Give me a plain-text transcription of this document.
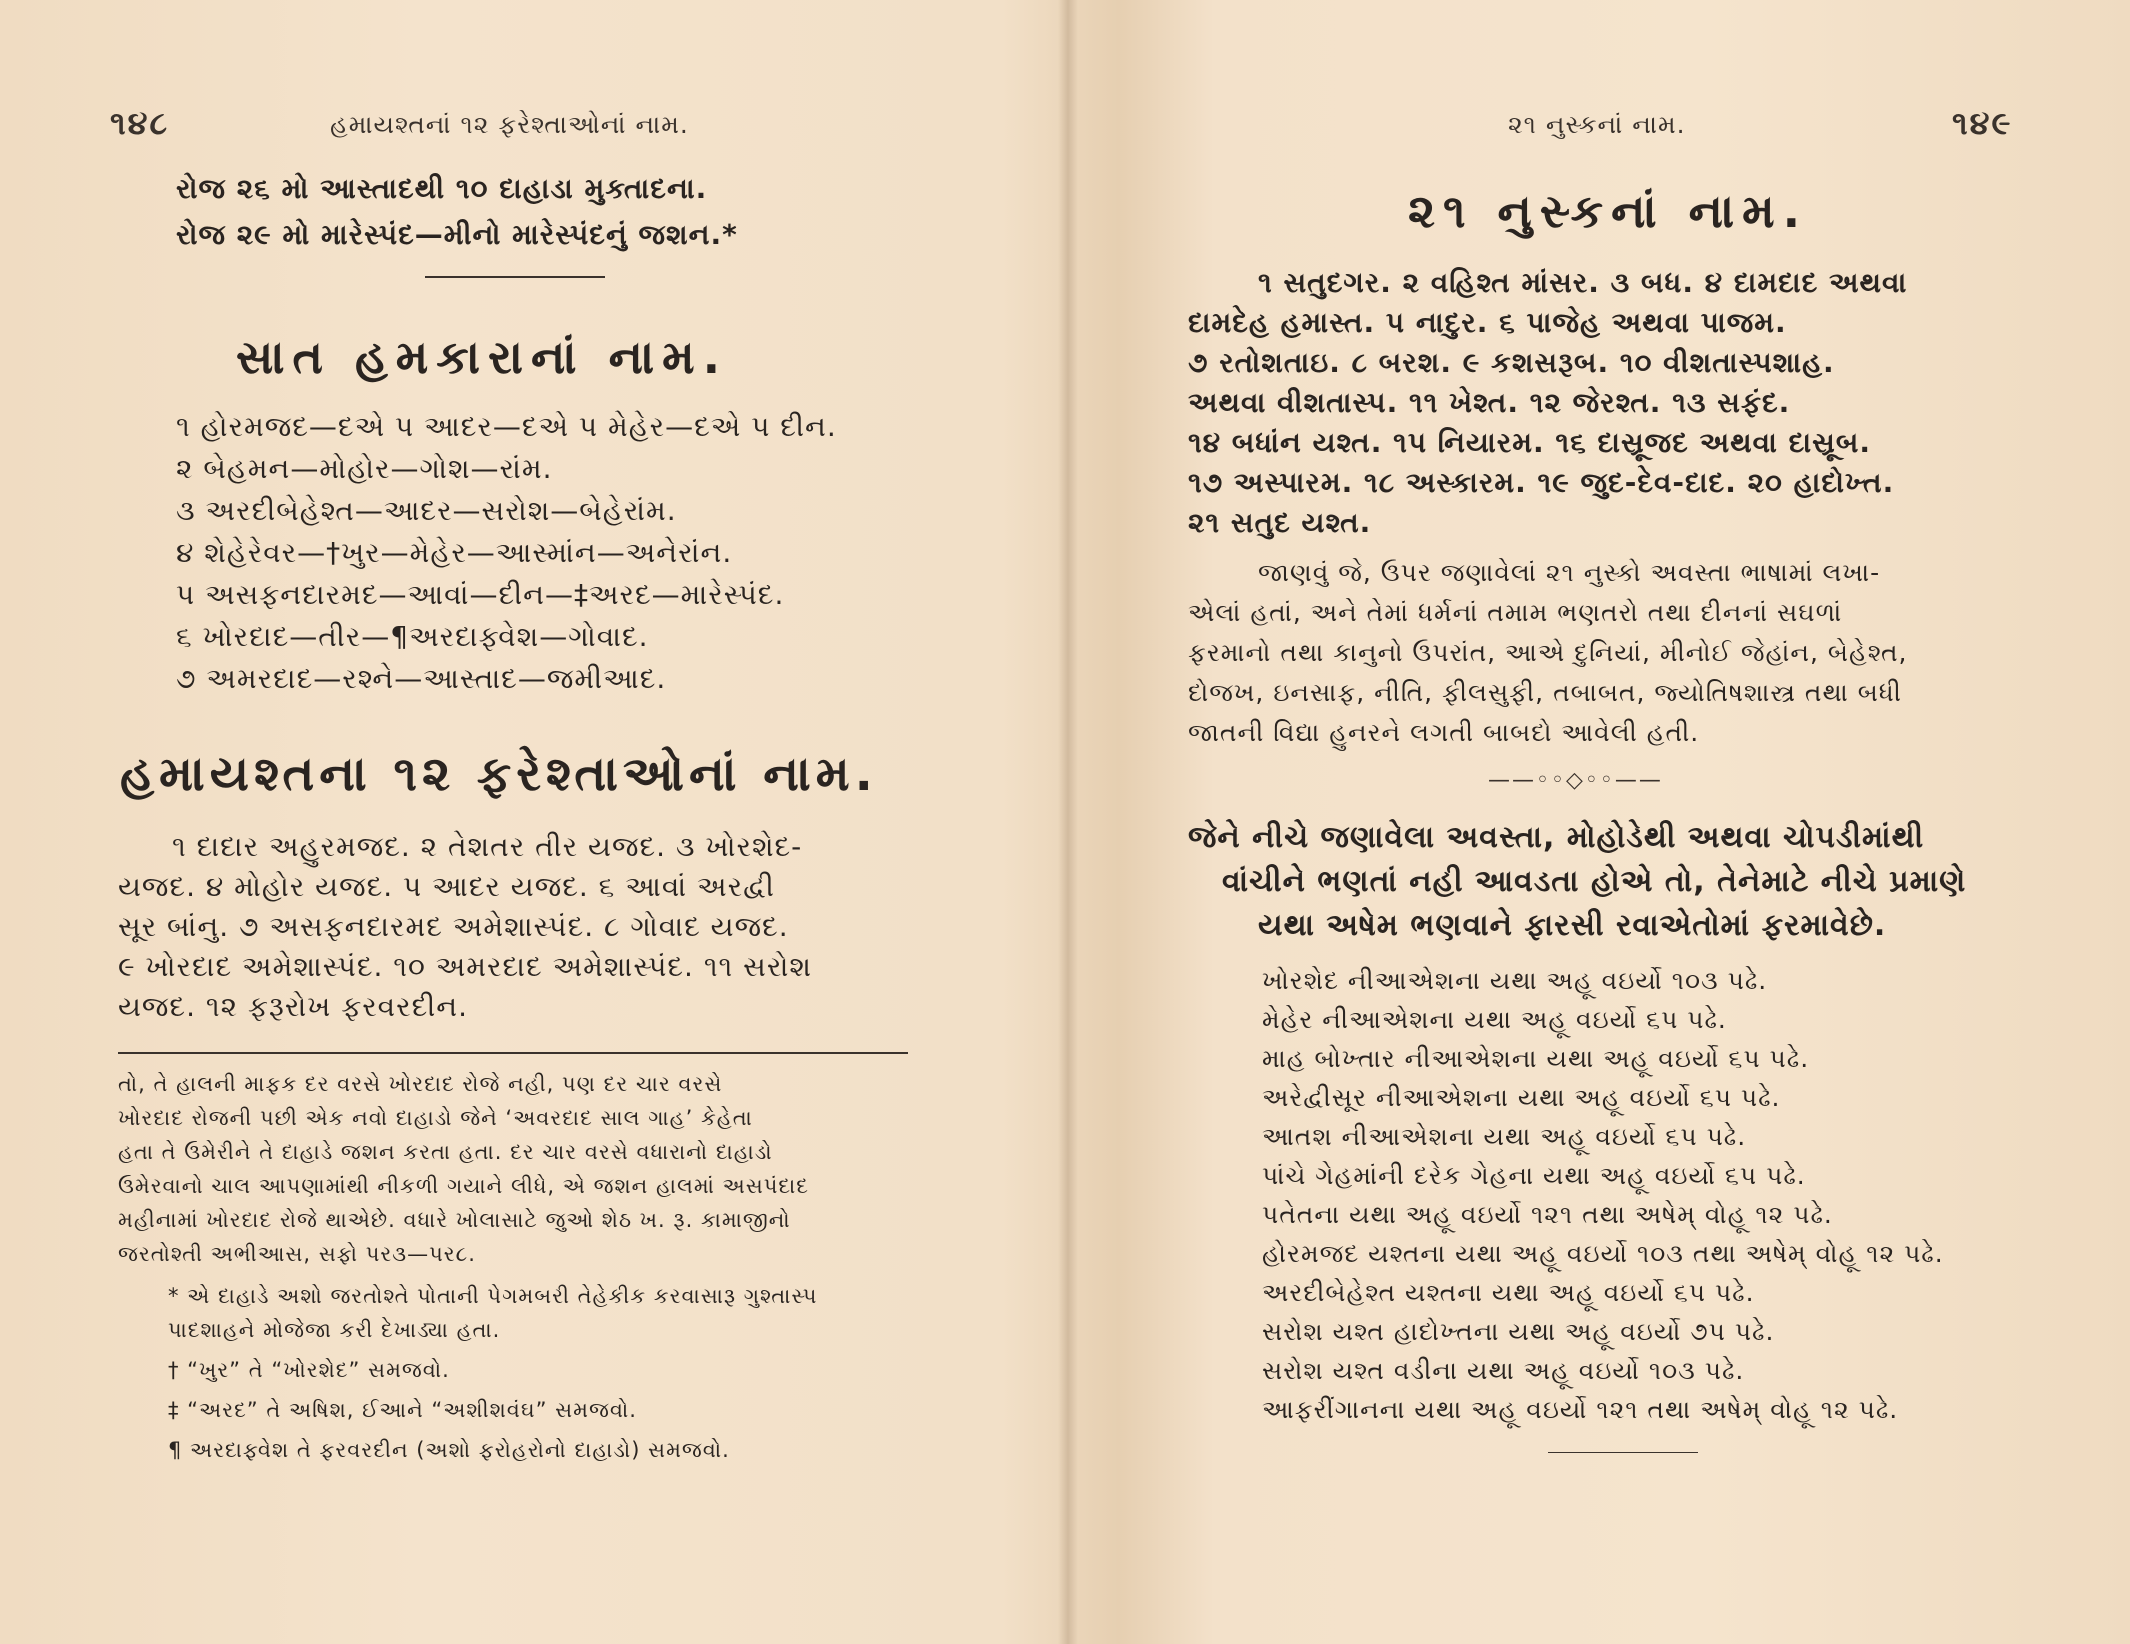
૧૪૮	હમાયશ્તનાં ૧૨ ફરેશ્તાઓનાં નામ.
રોજ ૨૬ મો આસ્તાદથી ૧૦ દાહાડા મુક્તાદના.
રોજ ૨૯ મો મારેસ્પંદ—મીનો મારેસ્પંદનું જશન.*
સાત હમકારાનાં નામ.
૧ હોરમજદ—દએ પ આદર—દએ પ મેહેર—દએ પ દીન.
૨ બેહમન—મોહોર—ગોશ—રાંમ.
૩ અરદીબેહેશ્ત—આદર—સરોશ—બેહેરાંમ.
૪ શેહેરેવર—†ખુર—મેહેર—આસ્માંન—અનેરાંન.
પ અસફનદારમદ—આવાં—દીન—‡અરદ—મારેસ્પંદ.
૬ ખોરદાદ—તીર—¶અરદાફ્વેશ—ગોવાદ.
૭ અમરદાદ—રશ્ને—આસ્તાદ—જમીઆદ.
હમાયશ્તના ૧૨ ફરેશ્તાઓનાં નામ.
૧ દાદાર અહુરમજદ. ૨ તેશતર તીર યજદ. ૩ ખોરશેદ-
યજદ. ૪ મોહોર યજદ. પ આદર યજદ. ૬ આવાં અરદ્વી
સૂર બાંનુ. ૭ અસફનદારમદ અમેશાસ્પંદ. ૮ ગોવાદ યજદ.
૯ ખોરદાદ અમેશાસ્પંદ. ૧૦ અમરદાદ અમેશાસ્પંદ. ૧૧ સરોશ
યજદ. ૧૨ ફરૂરોખ ફરવરદીન.
તો, તે હાલની માફક દર વરસે ખોરદાદ રોજે નહી, પણ દર ચાર વરસે
ખોરદાદ રોજની પછી એક નવો દાહાડો જેને ‘અવરદાદ સાલ ગાહ’ કેહેતા
હતા તે ઉમેરીને તે દાહાડે જશન કરતા હતા. દર ચાર વરસે વધારાનો દાહાડો
ઉમેરવાનો ચાલ આપણામાંથી નીકળી ગયાને લીધે, એ જશન હાલમાં અસપંદાદ
મહીનામાં ખોરદાદ રોજે થાએછે. વધારે ખોલાસાટે જુઓ શેઠ ખ. રૂ. કામાજીનો
જરતોશ્તી અભીઆસ, સફો પર૩—પર૮.
* એ દાહાડે અશો જરતોશ્તે પોતાની પેગમબરી તેહેકીક કરવાસારૂ ગુશ્તાસ્પ
પાદશાહને મોજેજા કરી દેખાડ્યા હતા.
† “ખુર” તે “ખોરશેદ” સમજવો.
‡ “અરદ” તે અષિશ, ઈઆને “અશીશવંઘ” સમજવો.
¶ અરદાફ્વેશ તે ફરવરદીન (અશો ફરોહરોનો દાહાડો) સમજવો.
૨૧ નુસ્કનાં નામ.	૧૪૯
૨૧ નુસ્કનાં નામ.
૧ સતુદગર. ૨ વહિશ્ત માંસર. ૩ બધ. ૪ દામદાદ અથવા
દામદેહ હમાસ્ત. પ નાદુર. ૬ પાજેહ અથવા પાજમ.
૭ રતોશતાઇ. ૮ બરશ. ૯ કશસરૂબ. ૧૦ વીશતાસ્પશાહ.
અથવા વીશતાસ્પ. ૧૧ ખેશ્ત. ૧૨ જેરશ્ત. ૧૩ સફંદ.
૧૪ બધાંન યશ્ત. ૧પ નિયારમ. ૧૬ દાસ્રૂજદ અથવા દાસ્રૂબ.
૧૭ અસ્પારમ. ૧૮ અસ્કારમ. ૧૯ જુદ-દેવ-દાદ. ૨૦ હાદોખ્ત.
૨૧ સતુદ યશ્ત.
જાણવું જે, ઉપર જણાવેલાં ૨૧ નુસ્કો અવસ્તા ભાષામાં લખા-
એલાં હતાં, અને તેમાં ધર્મનાં તમામ ભણતરો તથા દીનનાં સઘળાં
ફરમાનો તથા કાનુનો ઉપરાંત, આએ દુનિયાં, મીનોઈ જેહાંન, બેહેશ્ત,
દોજખ, ઇનસાફ, નીતિ, ફીલસુફી, તબાબત, જ્યોતિષશાસ્ત્ર તથા બધી
જાતની વિદ્યા હુનરને લગતી બાબદો આવેલી હતી.
——◦◦◇◦◦——
જેને નીચે જણાવેલા અવસ્તા, મોહોડેથી અથવા ચોપડીમાંથી
વાંચીને ભણતાં નહી આવડતા હોએ તો, તેનેમાટે નીચે પ્રમાણે
યથા અષેમ ભણવાને ફારસી રવાએતોમાં ફરમાવેછે.
ખોરશેદ નીઆએશના યથા અહૂ વઇર્યો ૧૦૩ પઢે.
મેહેર નીઆએશના યથા અહૂ વઇર્યો ૬પ પઢે.
માહ બોખ્તાર નીઆએશના યથા અહૂ વઇર્યો ૬પ પઢે.
અરેદ્વીસૂર નીઆએશના યથા અહૂ વઇર્યો ૬પ પઢે.
આતશ નીઆએશના યથા અહૂ વઇર્યો ૬પ પઢે.
પાંચે ગેહમાંની દરેક ગેહના યથા અહૂ વઇર્યો ૬પ પઢે.
પતેતના યથા અહૂ વઇર્યો ૧૨૧ તથા અષેમ્ વોહૂ ૧૨ પઢે.
હોરમજદ યશ્તના યથા અહૂ વઇર્યો ૧૦૩ તથા અષેમ્ વોહૂ ૧૨ પઢે.
અરદીબેહેશ્ત યશ્તના યથા અહૂ વઇર્યો ૬પ પઢે.
સરોશ યશ્ત હાદોખ્તના યથા અહૂ વઇર્યો ૭પ પઢે.
સરોશ યશ્ત વડીના યથા અહૂ વઇર્યો ૧૦૩ પઢે.
આફરીંગાનના યથા અહૂ વઇર્યો ૧૨૧ તથા અષેમ્ વોહૂ ૧૨ પઢે.
